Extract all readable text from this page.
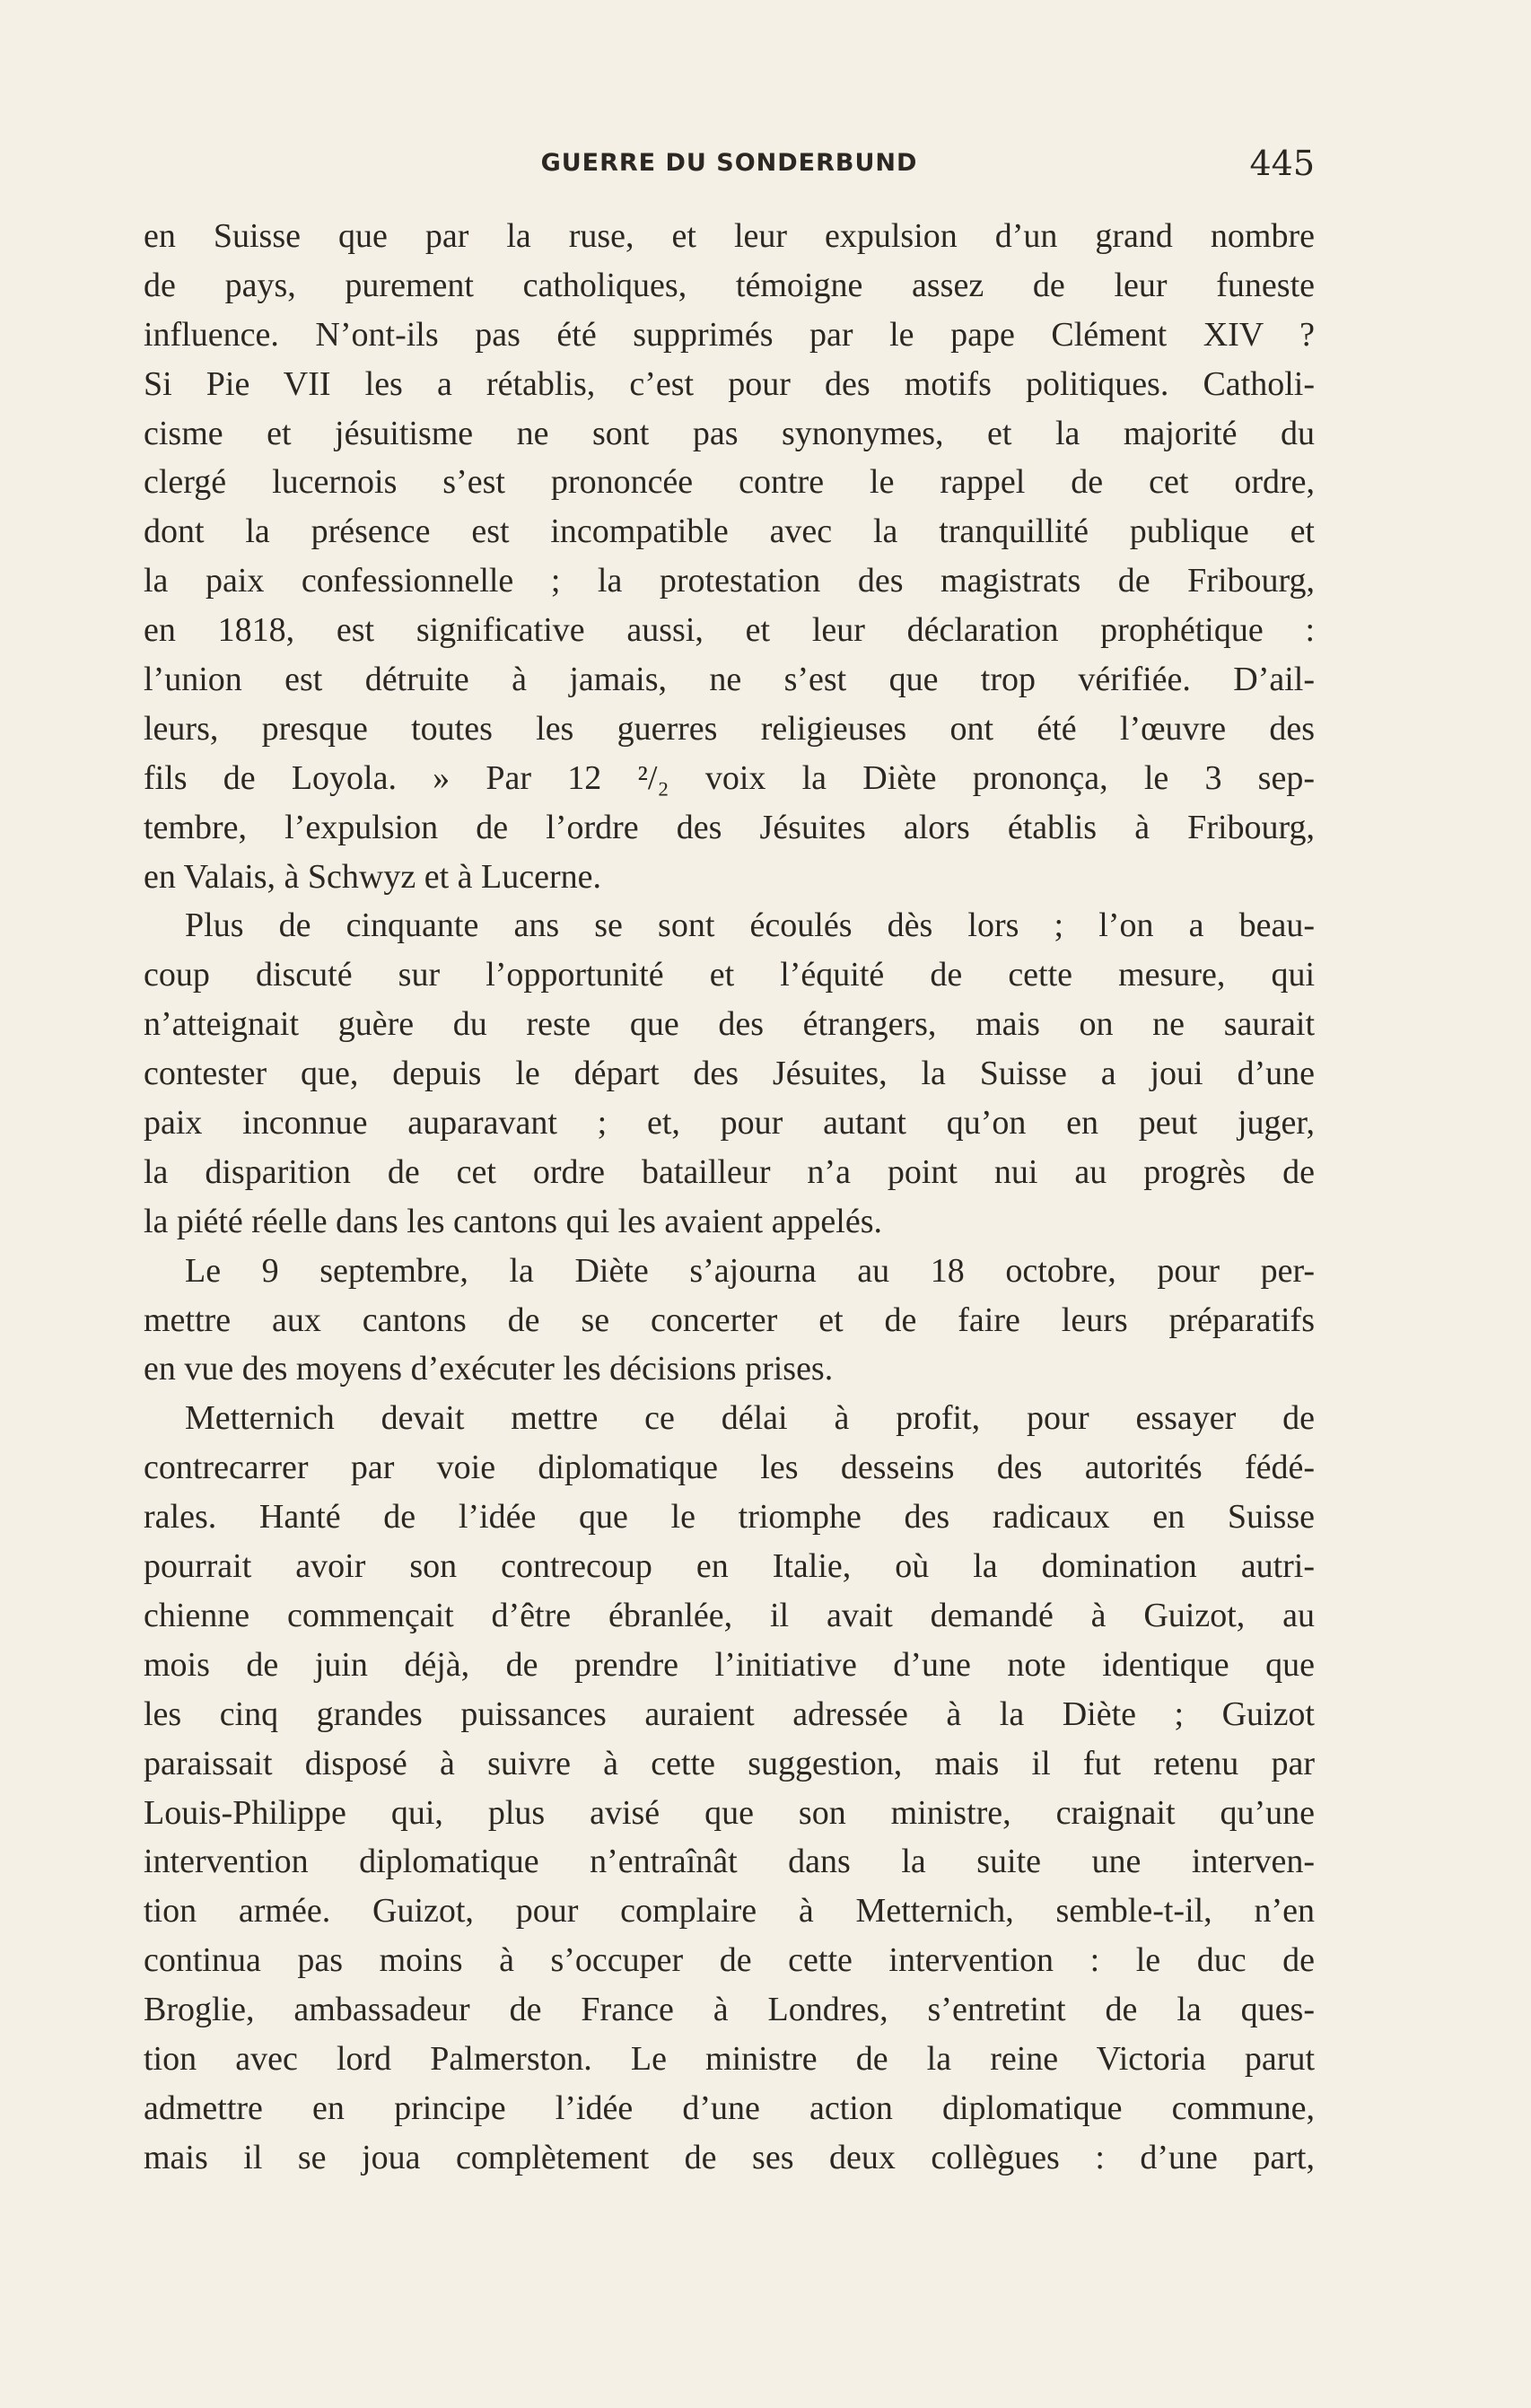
GUERRE DU SONDERBUND	445
en Suisse que par la ruse, et leur expulsion d’un grand nombre
de pays, purement catholiques, témoigne assez de leur funeste
influence. N’ont-ils pas été supprimés par le pape Clément XIV ?
Si Pie VII les a rétablis, c’est pour des motifs politiques. Catholi-
cisme et jésuitisme ne sont pas synonymes, et la majorité du
clergé lucernois s’est prononcée contre le rappel de cet ordre,
dont la présence est incompatible avec la tranquillité publique et
la paix confessionnelle ; la protestation des magistrats de Fribourg,
en 1818, est significative aussi, et leur déclaration prophétique :
l’union est détruite à jamais, ne s’est que trop vérifiée. D’ail-
leurs, presque toutes les guerres religieuses ont été l’œuvre des
fils de Loyola. » Par 12 ²/₂ voix la Diète prononça, le 3 sep-
tembre, l’expulsion de l’ordre des Jésuites alors établis à Fribourg,
en Valais, à Schwyz et à Lucerne.
Plus de cinquante ans se sont écoulés dès lors ; l’on a beau-
coup discuté sur l’opportunité et l’équité de cette mesure, qui
n’atteignait guère du reste que des étrangers, mais on ne saurait
contester que, depuis le départ des Jésuites, la Suisse a joui d’une
paix inconnue auparavant ; et, pour autant qu’on en peut juger,
la disparition de cet ordre batailleur n’a point nui au progrès de
la piété réelle dans les cantons qui les avaient appelés.
Le 9 septembre, la Diète s’ajourna au 18 octobre, pour per-
mettre aux cantons de se concerter et de faire leurs préparatifs
en vue des moyens d’exécuter les décisions prises.
Metternich devait mettre ce délai à profit, pour essayer de
contrecarrer par voie diplomatique les desseins des autorités fédé-
rales. Hanté de l’idée que le triomphe des radicaux en Suisse
pourrait avoir son contrecoup en Italie, où la domination autri-
chienne commençait d’être ébranlée, il avait demandé à Guizot, au
mois de juin déjà, de prendre l’initiative d’une note identique que
les cinq grandes puissances auraient adressée à la Diète ; Guizot
paraissait disposé à suivre à cette suggestion, mais il fut retenu par
Louis-Philippe qui, plus avisé que son ministre, craignait qu’une
intervention diplomatique n’entraînât dans la suite une interven-
tion armée. Guizot, pour complaire à Metternich, semble-t-il, n’en
continua pas moins à s’occuper de cette intervention : le duc de
Broglie, ambassadeur de France à Londres, s’entretint de la ques-
tion avec lord Palmerston. Le ministre de la reine Victoria parut
admettre en principe l’idée d’une action diplomatique commune,
mais il se joua complètement de ses deux collègues : d’une part,
